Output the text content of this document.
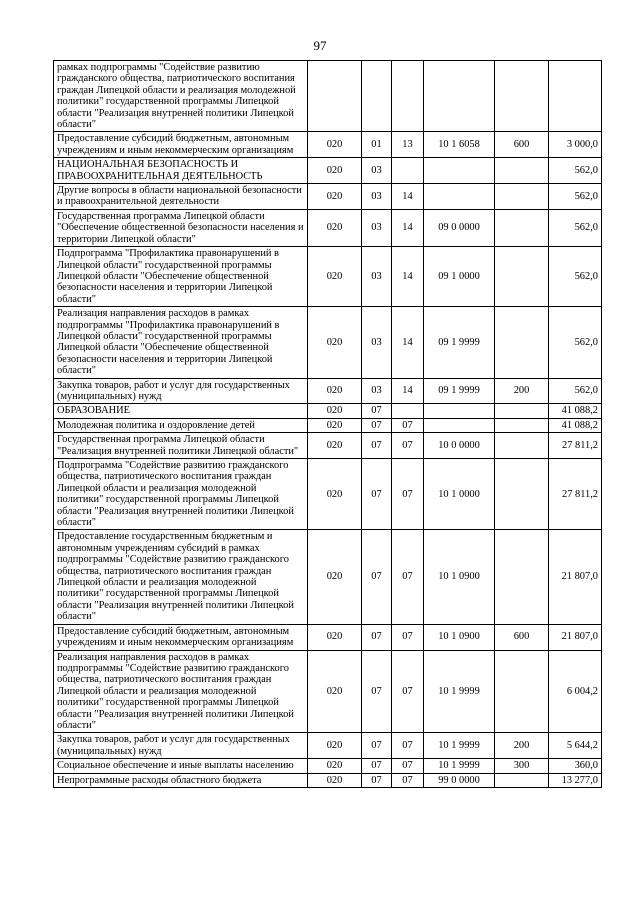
97
рамках подпрограммы "Содействие развитию гражданского общества, патриотического воспитания граждан Липецкой области и реализация молодежной политики" государственной программы Липецкой области "Реализация внутренней политики Липецкой области"						
Предоставление субсидий бюджетным, автономным учреждениям и иным некоммерческим организациям	020	01	13	10 1 6058	600	3 000,0
НАЦИОНАЛЬНАЯ БЕЗОПАСНОСТЬ И ПРАВООХРАНИТЕЛЬНАЯ ДЕЯТЕЛЬНОСТЬ	020	03				562,0
Другие вопросы в области национальной безопасности и правоохранительной деятельности	020	03	14			562,0
Государственная программа Липецкой области "Обеспечение общественной безопасности населения и территории Липецкой области"	020	03	14	09 0 0000		562,0
Подпрограмма "Профилактика правонарушений в Липецкой области" государственной программы Липецкой области "Обеспечение общественной безопасности населения и территории Липецкой области"	020	03	14	09 1 0000		562,0
Реализация направления расходов в рамках подпрограммы "Профилактика правонарушений в Липецкой области" государственной программы Липецкой области "Обеспечение общественной безопасности населения и территории Липецкой области"	020	03	14	09 1 9999		562,0
Закупка товаров, работ и услуг для государственных (муниципальных) нужд	020	03	14	09 1 9999	200	562,0
ОБРАЗОВАНИЕ	020	07				41 088,2
Молодежная политика и оздоровление детей	020	07	07			41 088,2
Государственная программа Липецкой области "Реализация внутренней политики Липецкой области"	020	07	07	10 0 0000		27 811,2
Подпрограмма "Содействие развитию гражданского общества, патриотического воспитания граждан Липецкой области и реализация молодежной политики" государственной программы Липецкой области "Реализация внутренней политики Липецкой области"	020	07	07	10 1 0000		27 811,2
Предоставление государственным бюджетным и автономным учреждениям субсидий в рамках подпрограммы "Содействие развитию гражданского общества, патриотического воспитания граждан Липецкой области и реализация молодежной политики" государственной программы Липецкой области "Реализация внутренней политики Липецкой области"	020	07	07	10 1 0900		21 807,0
Предоставление субсидий бюджетным, автономным учреждениям и иным некоммерческим организациям	020	07	07	10 1 0900	600	21 807,0
Реализация направления расходов в рамках подпрограммы "Содействие развитию гражданского общества, патриотического воспитания граждан Липецкой области и реализация молодежной политики" государственной программы Липецкой области "Реализация внутренней политики Липецкой области"	020	07	07	10 1 9999		6 004,2
Закупка товаров, работ и услуг для государственных (муниципальных) нужд	020	07	07	10 1 9999	200	5 644,2
Социальное обеспечение и иные выплаты населению	020	07	07	10 1 9999	300	360,0
Непрограммные расходы областного бюджета	020	07	07	99 0 0000		13 277,0
